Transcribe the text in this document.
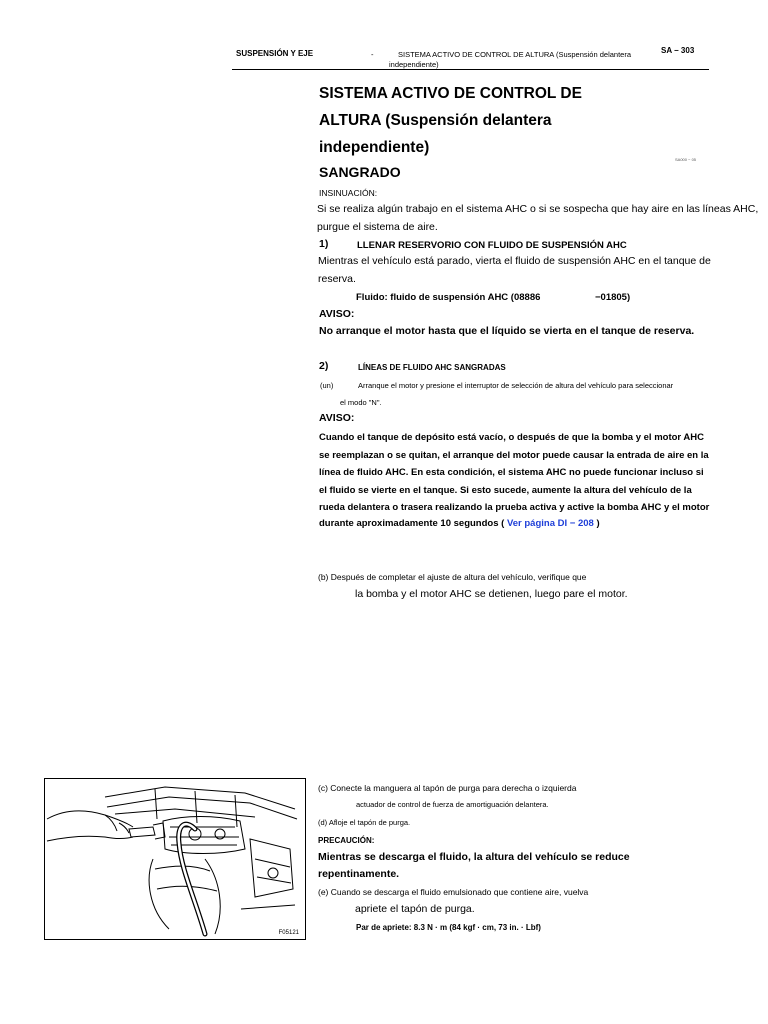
SUSPENSIÓN Y EJE	-	SISTEMA ACTIVO DE CONTROL DE ALTURA (Suspensión delantera
independiente)
SA − 303
SISTEMA ACTIVO DE CONTROL DE
ALTURA (Suspensión delantera
independiente)
SA000 − 05
SANGRADO
INSINUACIÓN:
Si se realiza algún trabajo en el sistema AHC o si se sospecha que hay aire en las líneas AHC,
purgue el sistema de aire.
1)	LLENAR RESERVORIO CON FLUIDO DE SUSPENSIÓN AHC
Mientras el vehículo está parado, vierta el fluido de suspensión AHC en el tanque de
reserva.
Fluido: fluido de suspensión AHC (08886	−01805)
AVISO:
No arranque el motor hasta que el líquido se vierta en el tanque de reserva.
2)	LÍNEAS DE FLUIDO AHC SANGRADAS
(un)	Arranque el motor y presione el interruptor de selección de altura del vehículo para seleccionar
el modo "N".
AVISO:
Cuando el tanque de depósito está vacío, o después de que la bomba y el motor AHC
se reemplazan o se quitan, el arranque del motor puede causar la entrada de aire en la
línea de fluido AHC. En esta condición, el sistema AHC no puede funcionar incluso si
el fluido se vierte en el tanque. Si esto sucede, aumente la altura del vehículo de la
rueda delantera o trasera realizando la prueba activa y active la bomba AHC y el motor
durante aproximadamente 10 segundos ( Ver página DI − 208 )
(b) Después de completar el ajuste de altura del vehículo, verifique que
la bomba y el motor AHC se detienen, luego pare el motor.
(c) Conecte la manguera al tapón de purga para derecha o izquierda
actuador de control de fuerza de amortiguación delantera.
(d) Afloje el tapón de purga.
PRECAUCIÓN:
Mientras se descarga el fluido, la altura del vehículo se reduce
repentinamente.
(e) Cuando se descarga el fluido emulsionado que contiene aire, vuelva
apriete el tapón de purga.
Par de apriete: 8.3 N · m (84 kgf · cm, 73 in. · Lbf)
F05121
